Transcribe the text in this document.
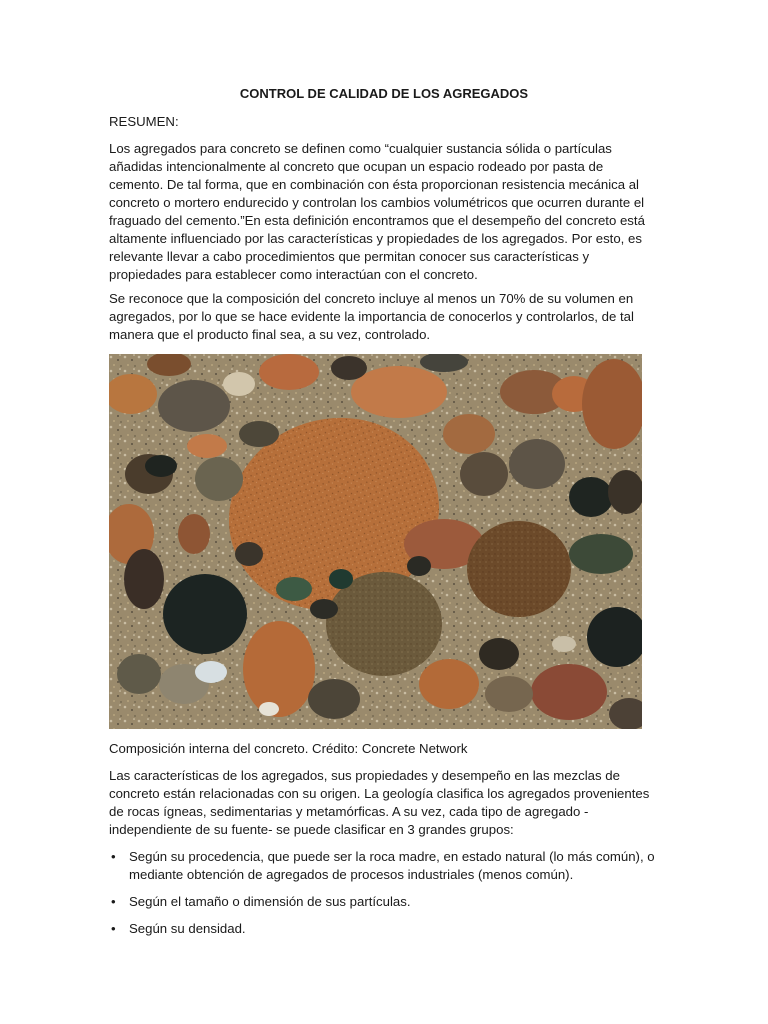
CONTROL DE CALIDAD DE LOS AGREGADOS
RESUMEN:
Los agregados para concreto se definen como “cualquier sustancia sólida o partículas añadidas intencionalmente al concreto que ocupan un espacio rodeado por pasta de cemento. De tal forma, que en combinación con ésta proporcionan resistencia mecánica al concreto o mortero endurecido y controlan los cambios volumétricos que ocurren durante el fraguado del cemento.”En esta definición encontramos que el desempeño del concreto está altamente influenciado por las características y propiedades de los agregados. Por esto, es relevante llevar a cabo procedimientos que permitan conocer sus características y propiedades para establecer como interactúan con el concreto.
Se reconoce que la composición del concreto incluye al menos un 70% de su volumen en agregados, por lo que se hace evidente la importancia de conocerlos y controlarlos, de tal manera que el producto final sea, a su vez, controlado.
Composición interna del concreto. Crédito: Concrete Network
Las características de los agregados, sus propiedades y desempeño en las mezclas de concreto están relacionadas con su origen. La geología clasifica los agregados provenientes de rocas ígneas, sedimentarias y metamórficas. A su vez, cada tipo de agregado -independiente de su fuente- se puede clasificar en 3 grandes grupos:
• Según su procedencia, que puede ser la roca madre, en estado natural (lo más común), o mediante obtención de agregados de procesos industriales (menos común).
• Según el tamaño o dimensión de sus partículas.
• Según su densidad.
